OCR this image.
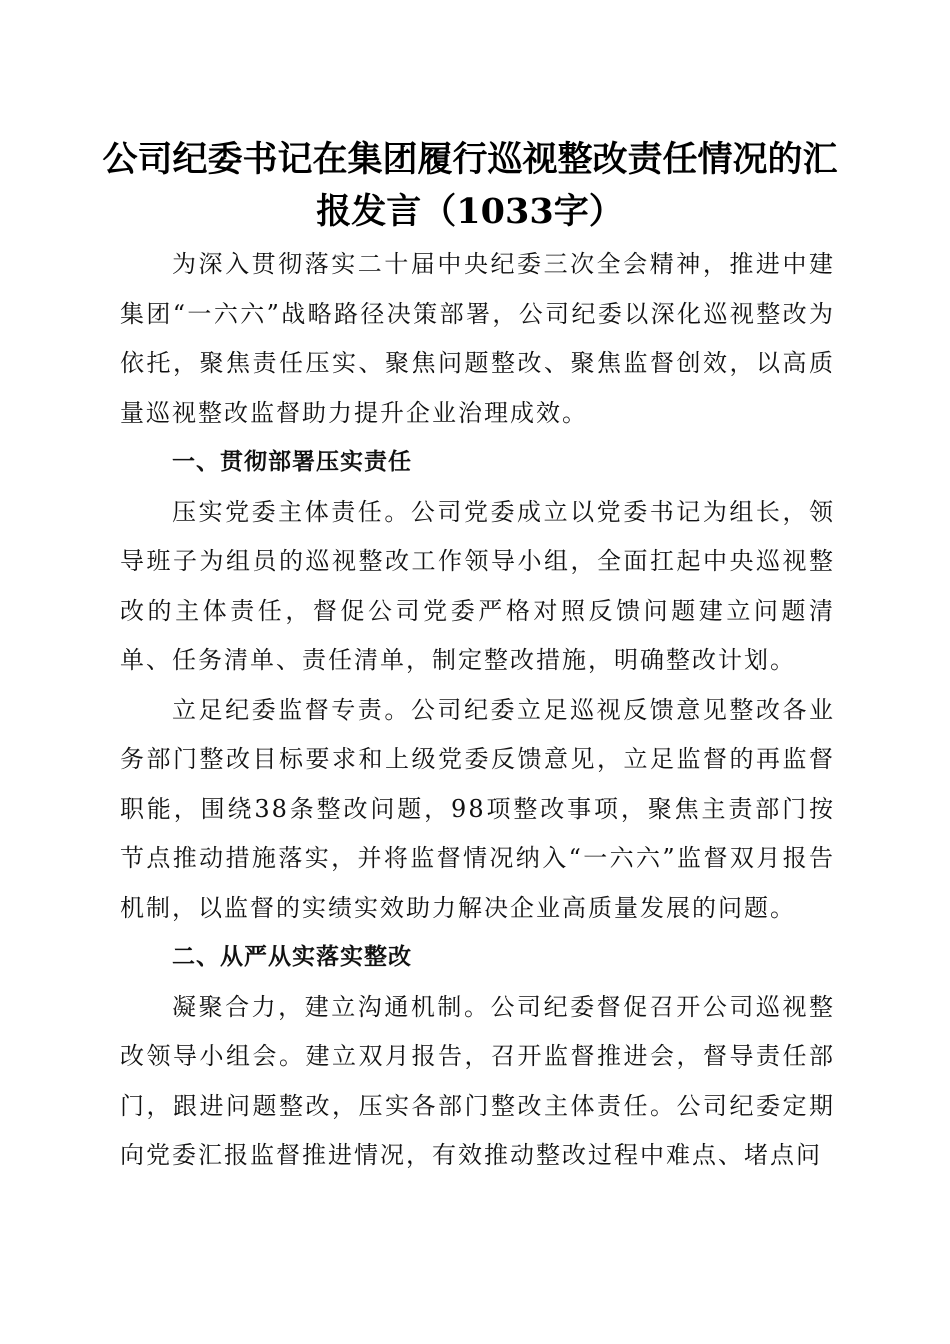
公司纪委书记在集团履行巡视整改责任情况的汇报发言（1033字）

为深入贯彻落实二十届中央纪委三次全会精神，推进中建集团“一六六”战略路径决策部署，公司纪委以深化巡视整改为依托，聚焦责任压实、聚焦问题整改、聚焦监督创效，以高质量巡视整改监督助力提升企业治理成效。

一、贯彻部署压实责任

压实党委主体责任。公司党委成立以党委书记为组长，领导班子为组员的巡视整改工作领导小组，全面扛起中央巡视整改的主体责任，督促公司党委严格对照反馈问题建立问题清单、任务清单、责任清单，制定整改措施，明确整改计划。

立足纪委监督专责。公司纪委立足巡视反馈意见整改各业务部门整改目标要求和上级党委反馈意见，立足监督的再监督职能，围绕38条整改问题，98项整改事项，聚焦主责部门按节点推动措施落实，并将监督情况纳入“一六六”监督双月报告机制，以监督的实绩实效助力解决企业高质量发展的问题。

二、从严从实落实整改

凝聚合力，建立沟通机制。公司纪委督促召开公司巡视整改领导小组会。建立双月报告，召开监督推进会，督导责任部门，跟进问题整改，压实各部门整改主体责任。公司纪委定期向党委汇报监督推进情况，有效推动整改过程中难点、堵点问
